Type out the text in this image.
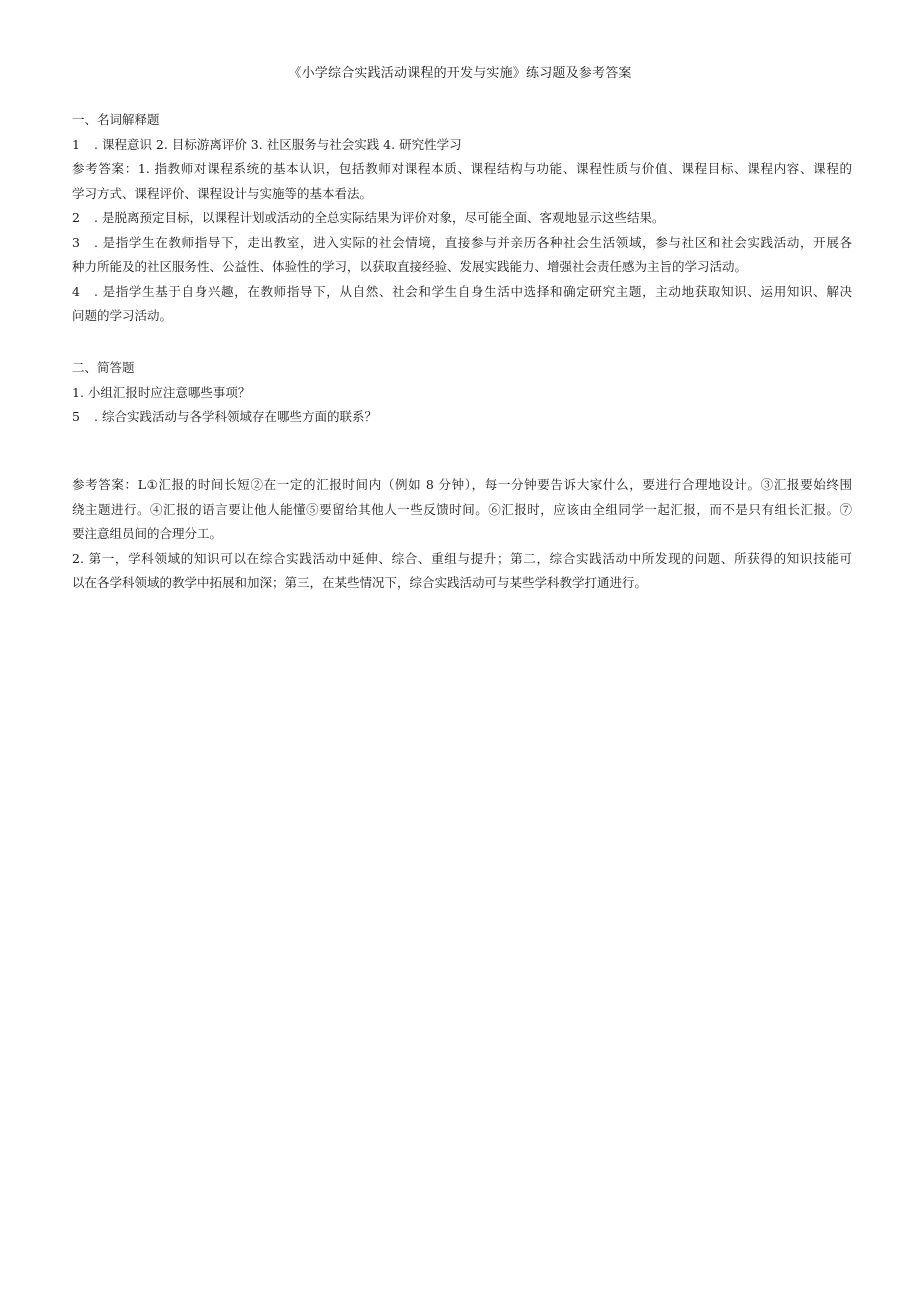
《小学综合实践活动课程的开发与实施》练习题及参考答案
一、名词解释题
1 . 课程意识 2. 目标游离评价 3. 社区服务与社会实践 4. 研究性学习
参考答案：1. 指教师对课程系统的基本认识，包括教师对课程本质、课程结构与功能、课程性质与价值、课程目标、课程内容、课程的
学习方式、课程评价、课程设计与实施等的基本看法。
2 . 是脱离预定目标，以课程计划或活动的全总实际结果为评价对象，尽可能全面、客观地显示这些结果。
3 . 是指学生在教师指导下，走出教室，进入实际的社会情境，直接参与并亲历各种社会生活领域，参与社区和社会实践活动，开展各
种力所能及的社区服务性、公益性、体验性的学习，以获取直接经验、发展实践能力、增强社会责任感为主旨的学习活动。
4 . 是指学生基于自身兴趣，在教师指导下，从自然、社会和学生自身生活中选择和确定研究主题，主动地获取知识、运用知识、解决
问题的学习活动。
二、简答题
1. 小组汇报时应注意哪些事项？
5 . 综合实践活动与各学科领域存在哪些方面的联系？
参考答案：L①汇报的时间长短②在一定的汇报时间内（例如 8 分钟），每一分钟要告诉大家什么，要进行合理地设计。③汇报要始终围
绕主题进行。④汇报的语言要让他人能懂⑤要留给其他人一些反馈时间。⑥汇报时，应该由全组同学一起汇报，而不是只有组长汇报。⑦
要注意组员间的合理分工。
2. 第一，学科领域的知识可以在综合实践活动中延伸、综合、重组与提升；第二，综合实践活动中所发现的问题、所获得的知识技能可
以在各学科领域的教学中拓展和加深；第三，在某些情况下，综合实践活动可与某些学科教学打通进行。
